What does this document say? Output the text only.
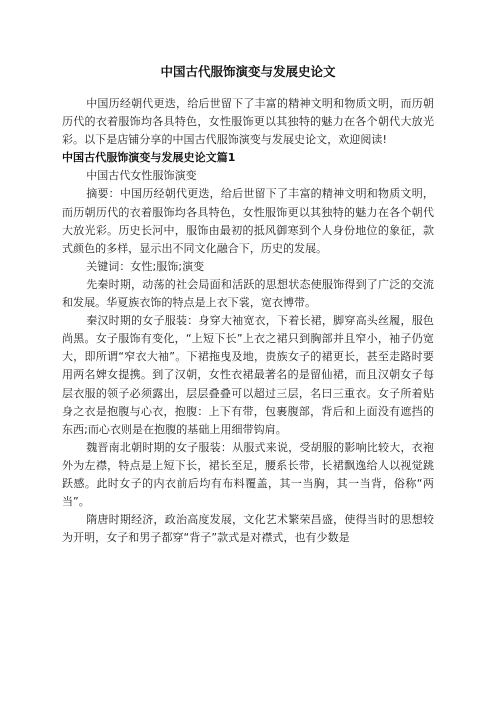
中国古代服饰演变与发展史论文

中国历经朝代更迭，给后世留下了丰富的精神文明和物质文明，而历朝历代的衣着服饰均各具特色，女性服饰更以其独特的魅力在各个朝代大放光彩。以下是店铺分享的中国古代服饰演变与发展史论文，欢迎阅读!

中国古代服饰演变与发展史论文篇1

中国古代女性服饰演变

摘要：中国历经朝代更迭，给后世留下了丰富的精神文明和物质文明，而历朝历代的衣着服饰均各具特色，女性服饰更以其独特的魅力在各个朝代大放光彩。历史长河中，服饰由最初的抵风御寒到个人身份地位的象征，款式颜色的多样，显示出不同文化融合下，历史的发展。

关键词：女性;服饰;演变

先秦时期，动荡的社会局面和活跃的思想状态使服饰得到了广泛的交流和发展。华夏族衣饰的特点是上衣下裳，宽衣博带。

秦汉时期的女子服装：身穿大袖宽衣，下着长裙，脚穿高头丝履，服色尚黑。女子服饰有变化，“上短下长”上衣之裙只到胸部并且窄小，袖子仍宽大，即所谓“窄衣大袖”。下裙拖曳及地，贵族女子的裙更长，甚至走路时要用两名婢女提携。到了汉朝，女性衣裙最著名的是留仙裙，而且汉朝女子每层衣服的领子必须露出，层层叠叠可以超过三层，名曰三重衣。女子所着贴身之衣是抱腹与心衣，抱腹：上下有带，包裹腹部，背后和上面没有遮挡的东西;而心衣则是在抱腹的基础上用细带钩肩。

魏晋南北朝时期的女子服装：从服式来说，受胡服的影响比较大，衣袍外为左襟，特点是上短下长，裙长至足，腰系长带，长裙飘逸给人以视觉跳跃感。此时女子的内衣前后均有布料覆盖，其一当胸，其一当背，俗称“两当”。

隋唐时期经济，政治高度发展，文化艺术繁荣昌盛，使得当时的思想较为开明，女子和男子都穿“背子”款式是对襟式，也有少数是
